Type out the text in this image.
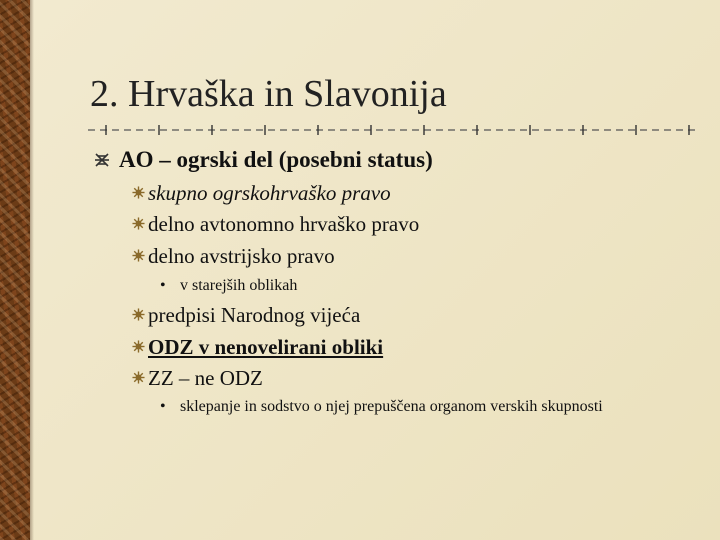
2. Hrvaška in Slavonija
AO – ogrski del (posebni status)
skupno ogrskohrvaško pravo
delno avtonomno hrvaško pravo
delno avstrijsko pravo
• v starejših oblikah
predpisi Narodnog vijeća
ODZ v nenovelirani obliki
ZZ – ne ODZ
• sklepanje in sodstvo o njej prepuščena organom verskih skupnosti
